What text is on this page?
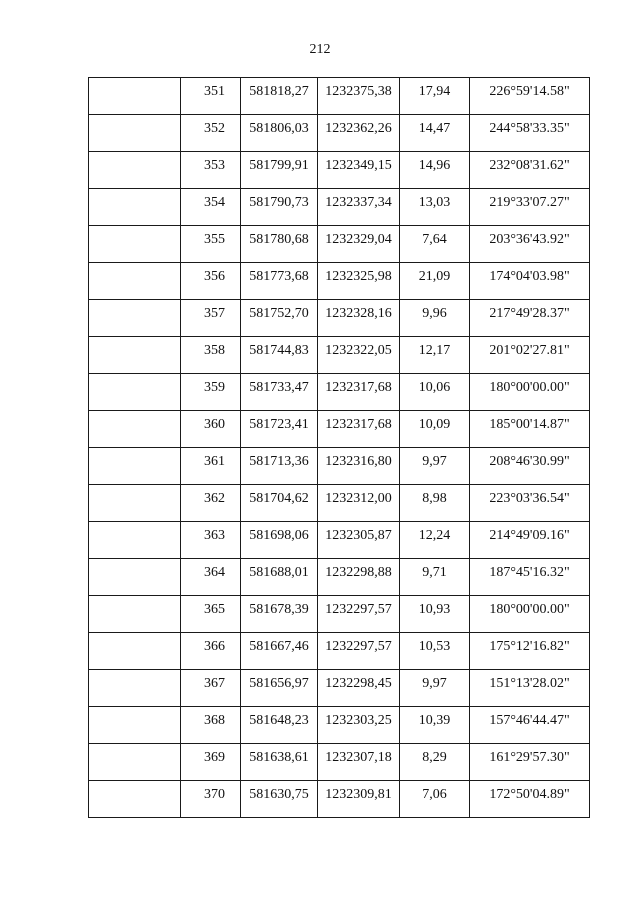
212

	351	581818,27	1232375,38	17,94	226°59'14.58"

	352	581806,03	1232362,26	14,47	244°58'33.35"

	353	581799,91	1232349,15	14,96	232°08'31.62"

	354	581790,73	1232337,34	13,03	219°33'07.27"

	355	581780,68	1232329,04	7,64	203°36'43.92"

	356	581773,68	1232325,98	21,09	174°04'03.98"

	357	581752,70	1232328,16	9,96	217°49'28.37"

	358	581744,83	1232322,05	12,17	201°02'27.81"

	359	581733,47	1232317,68	10,06	180°00'00.00"

	360	581723,41	1232317,68	10,09	185°00'14.87"

	361	581713,36	1232316,80	9,97	208°46'30.99"

	362	581704,62	1232312,00	8,98	223°03'36.54"

	363	581698,06	1232305,87	12,24	214°49'09.16"

	364	581688,01	1232298,88	9,71	187°45'16.32"

	365	581678,39	1232297,57	10,93	180°00'00.00"

	366	581667,46	1232297,57	10,53	175°12'16.82"

	367	581656,97	1232298,45	9,97	151°13'28.02"

	368	581648,23	1232303,25	10,39	157°46'44.47"

	369	581638,61	1232307,18	8,29	161°29'57.30"

	370	581630,75	1232309,81	7,06	172°50'04.89"
